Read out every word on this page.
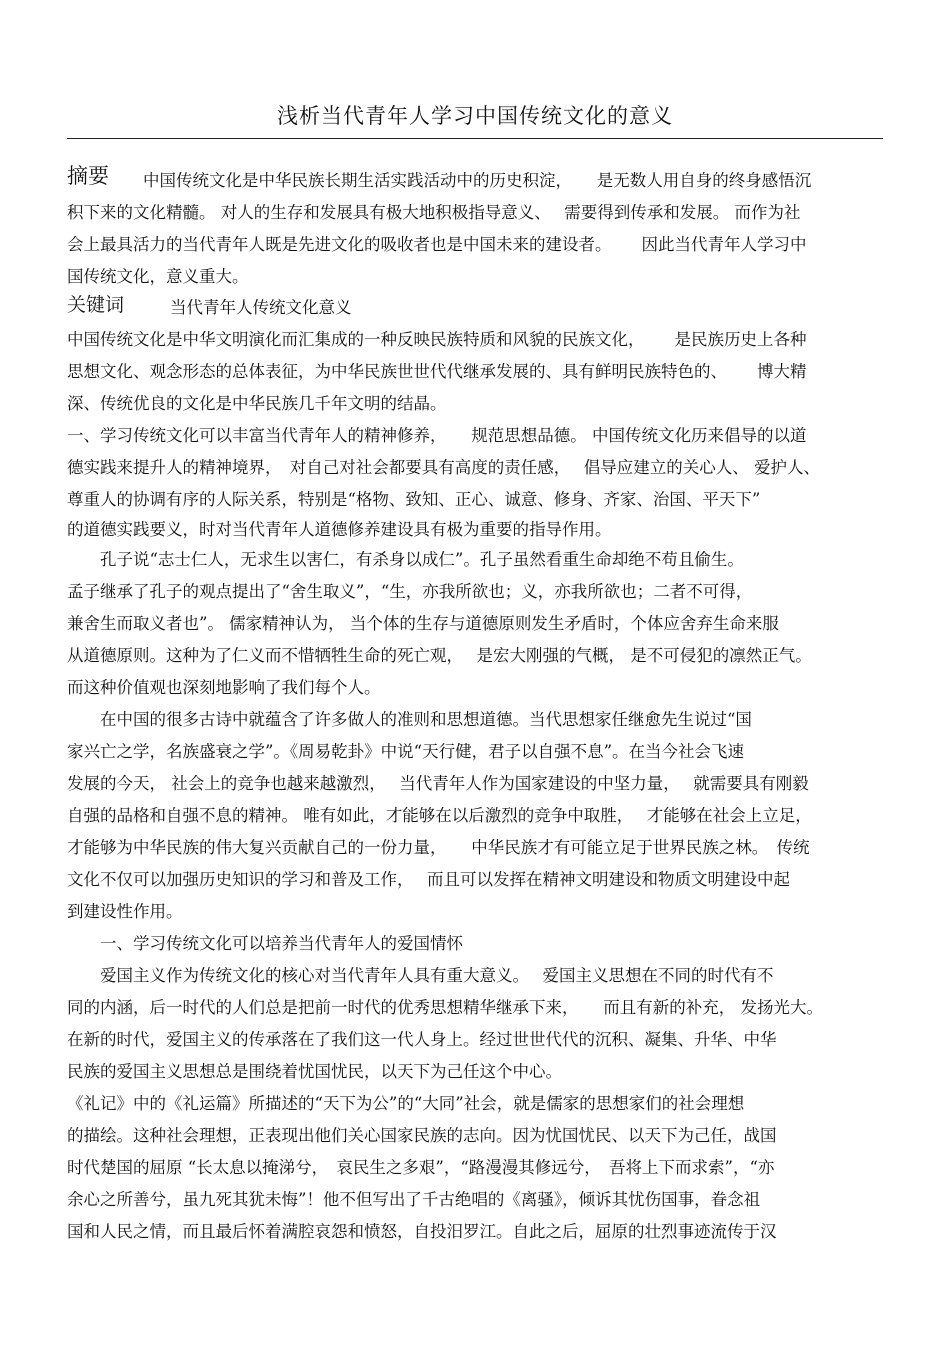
浅析当代青年人学习中国传统文化的意义
摘要 中国传统文化是中华民族长期生活实践活动中的历史积淀，　　是无数人用自身的终身感悟沉
积下来的文化精髓。 对人的生存和发展具有极大地积极指导意义、　 需要得到传承和发展。 而作为社
会上最具活力的当代青年人既是先进文化的吸收者也是中国未来的建设者。　　 因此当代青年人学习中
国传统文化，意义重大。
关键词	当代青年人传统文化意义
中国传统文化是中华文明演化而汇集成的一种反映民族特质和风貌的民族文化，　　 是民族历史上各种
思想文化、观念形态的总体表征，为中华民族世世代代继承发展的、具有鲜明民族特色的、　　 博大精
深、传统优良的文化是中华民族几千年文明的结晶。
一、学习传统文化可以丰富当代青年人的精神修养，　　规范思想品德。 中国传统文化历来倡导的以道
德实践来提升人的精神境界，　对自己对社会都要具有高度的责任感，　 倡导应建立的关心人、 爱护人、
尊重人的协调有序的人际关系，特别是“格物、致知、正心、诚意、修身、齐家、治国、平天下”
的道德实践要义，时对当代青年人道德修养建设具有极为重要的指导作用。
　　孔子说“志士仁人，无求生以害仁，有杀身以成仁”。孔子虽然看重生命却绝不苟且偷生。
孟子继承了孔子的观点提出了“舍生取义”，“生，亦我所欲也；义，亦我所欲也；二者不可得，
兼舍生而取义者也”。 儒家精神认为， 当个体的生存与道德原则发生矛盾时，个体应舍弃生命来服
从道德原则。这种为了仁义而不惜牺牲生命的死亡观，　 是宏大刚强的气概， 是不可侵犯的凛然正气。
而这种价值观也深刻地影响了我们每个人。
　　在中国的很多古诗中就蕴含了许多做人的准则和思想道德。当代思想家任继愈先生说过“国
家兴亡之学，名族盛衰之学”。《周易乾卦》中说“天行健，君子以自强不息”。在当今社会飞速
发展的今天， 社会上的竞争也越来越激烈，　 当代青年人作为国家建设的中坚力量，　 就需要具有刚毅
自强的品格和自强不息的精神。 唯有如此，才能够在以后激烈的竞争中取胜，　 才能够在社会上立足，
才能够为中华民族的伟大复兴贡献自己的一份力量，　　中华民族才有可能立足于世界民族之林。　传统
文化不仅可以加强历史知识的学习和普及工作，　 而且可以发挥在精神文明建设和物质文明建设中起
到建设性作用。
　　一、学习传统文化可以培养当代青年人的爱国情怀
　　爱国主义作为传统文化的核心对当代青年人具有重大意义。　 爱国主义思想在不同的时代有不
同的内涵，后一时代的人们总是把前一时代的优秀思想精华继承下来，　　而且有新的补充， 发扬光大。
在新的时代，爱国主义的传承落在了我们这一代人身上。经过世世代代的沉积、凝集、升华、中华
民族的爱国主义思想总是围绕着忧国忧民，以天下为己任这个中心。
《礼记》中的《礼运篇》所描述的“天下为公”的“大同”社会，就是儒家的思想家们的社会理想
的描绘。这种社会理想，正表现出他们关心国家民族的志向。因为忧国忧民、以天下为己任，战国
时代楚国的屈原 “长太息以掩涕兮，　哀民生之多艰”，“路漫漫其修远兮，　吾将上下而求索”，“亦
余心之所善兮，虽九死其犹未悔”！他不但写出了千古绝唱的《离骚》，倾诉其忧伤国事，眷念祖
国和人民之情，而且最后怀着满腔哀怨和愤怒，自投汨罗江。自此之后，屈原的壮烈事迹流传于汉
